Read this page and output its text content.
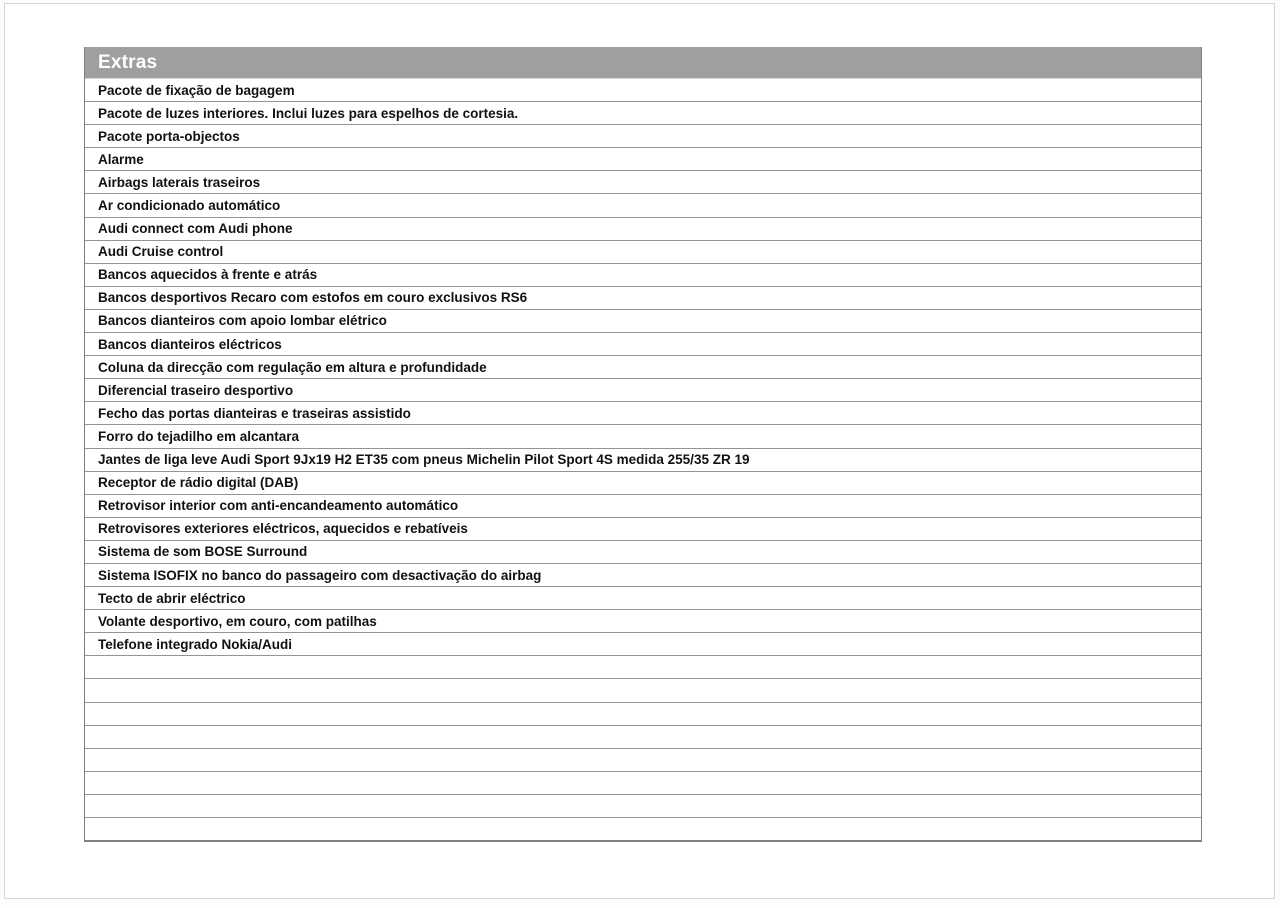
Extras
Pacote de fixação de bagagem
Pacote de luzes interiores. Inclui luzes para espelhos de cortesia.
Pacote porta-objectos
Alarme
Airbags laterais traseiros
Ar condicionado automático
Audi connect com Audi phone
Audi Cruise control
Bancos aquecidos à frente e atrás
Bancos desportivos Recaro com estofos em couro exclusivos RS6
Bancos dianteiros com apoio lombar elétrico
Bancos dianteiros eléctricos
Coluna da direcção com regulação em altura e profundidade
Diferencial traseiro desportivo
Fecho das portas dianteiras e traseiras assistido
Forro do tejadilho em alcantara
Jantes de liga leve Audi Sport 9Jx19 H2 ET35 com pneus Michelin Pilot Sport 4S medida 255/35 ZR 19
Receptor de rádio digital (DAB)
Retrovisor interior com anti-encandeamento automático
Retrovisores exteriores eléctricos, aquecidos e rebatíveis
Sistema de som BOSE Surround
Sistema ISOFIX no banco do passageiro com desactivação do airbag
Tecto de abrir eléctrico
Volante desportivo, em couro, com patilhas
Telefone integrado Nokia/Audi
